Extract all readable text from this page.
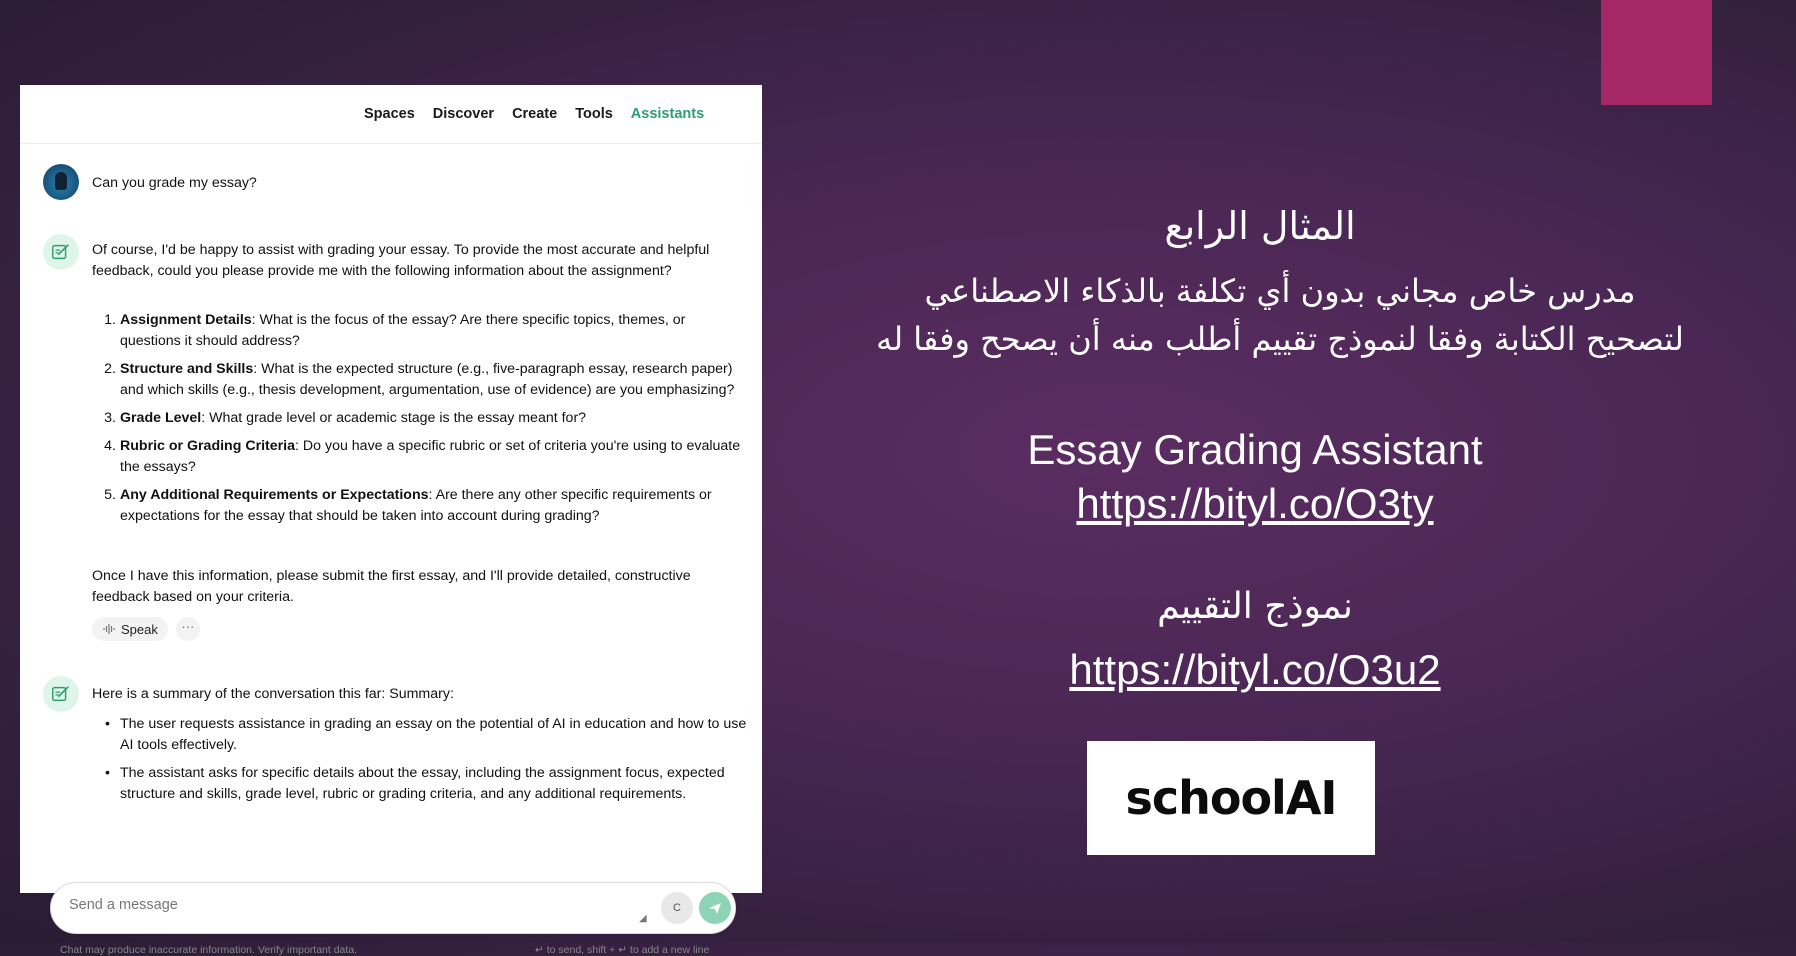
Spaces Discover Create Tools Assistants
Can you grade my essay?
Of course, I'd be happy to assist with grading your essay. To provide the most accurate and helpful feedback, could you please provide me with the following information about the assignment?
1. Assignment Details: What is the focus of the essay? Are there specific topics, themes, or questions it should address?
2. Structure and Skills: What is the expected structure (e.g., five-paragraph essay, research paper) and which skills (e.g., thesis development, argumentation, use of evidence) are you emphasizing?
3. Grade Level: What grade level or academic stage is the essay meant for?
4. Rubric or Grading Criteria: Do you have a specific rubric or set of criteria you're using to evaluate the essays?
5. Any Additional Requirements or Expectations: Are there any other specific requirements or expectations for the essay that should be taken into account during grading?
Once I have this information, please submit the first essay, and I'll provide detailed, constructive feedback based on your criteria.
Speak	···
Here is a summary of the conversation this far: Summary:
• The user requests assistance in grading an essay on the potential of AI in education and how to use AI tools effectively.
• The assistant asks for specific details about the essay, including the assignment focus, expected structure and skills, grade level, rubric or grading criteria, and any additional requirements.
Send a message
◢
C
Chat may produce inaccurate information. Verify important data.	↵ to send, shift + ↵ to add a new line
المثال الرابع
مدرس خاص مجاني بدون أي تكلفة بالذكاء الاصطناعي
لتصحيح الكتابة وفقا لنموذج تقييم أطلب منه أن يصحح وفقا له
Essay Grading Assistant
https://bityl.co/O3ty
نموذج التقييم
https://bityl.co/O3u2
schoolAI
